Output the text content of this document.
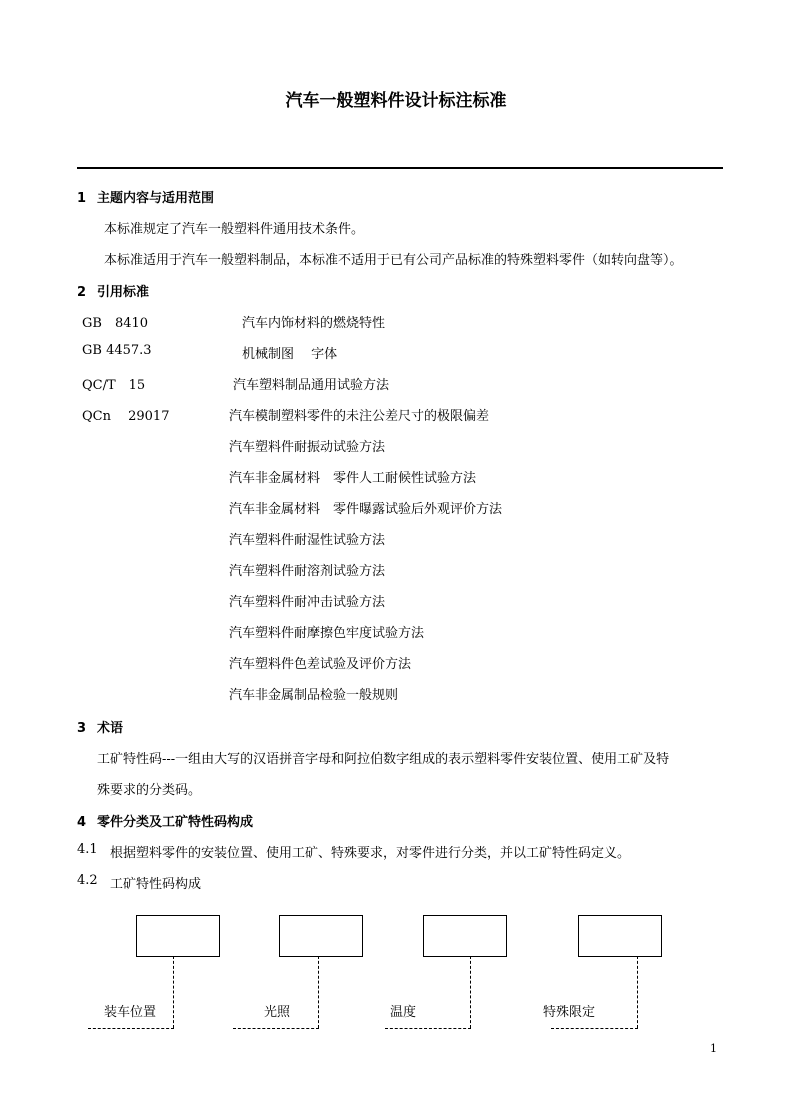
汽车一般塑料件设计标注标准
1 主题内容与适用范围
本标准规定了汽车一般塑料件通用技术条件。
本标准适用于汽车一般塑料制品，本标准不适用于已有公司产品标准的特殊塑料零件（如转向盘等）。
2 引用标准
GB　8410	汽车内饰材料的燃烧特性
GB 4457.3	机械制图　 字体
QC/T　15	汽车塑料制品通用试验方法
QCn　 29017	汽车模制塑料零件的未注公差尺寸的极限偏差
汽车塑料件耐振动试验方法
汽车非金属材料　零件人工耐候性试验方法
汽车非金属材料　零件曝露试验后外观评价方法
汽车塑料件耐湿性试验方法
汽车塑料件耐溶剂试验方法
汽车塑料件耐冲击试验方法
汽车塑料件耐摩擦色牢度试验方法
汽车塑料件色差试验及评价方法
汽车非金属制品检验一般规则
3 术语
工矿特性码---一组由大写的汉语拼音字母和阿拉伯数字组成的表示塑料零件安装位置、使用工矿及特
殊要求的分类码。
4 零件分类及工矿特性码构成
4.1 根据塑料零件的安装位置、使用工矿、特殊要求，对零件进行分类，并以工矿特性码定义。
4.2 工矿特性码构成
装车位置	光照	温度	特殊限定
1
